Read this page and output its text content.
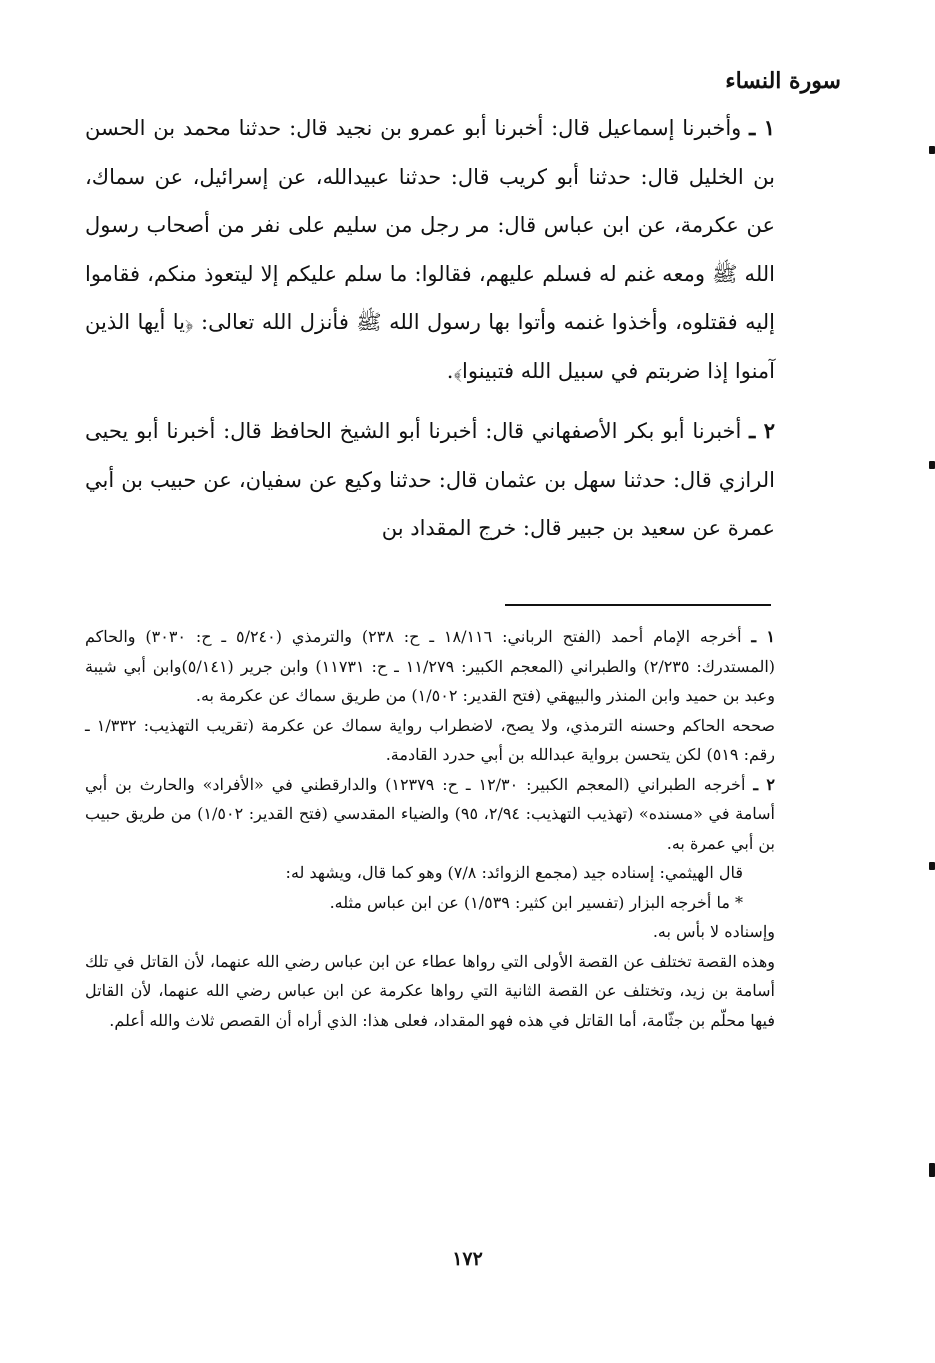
سورة النساء

١ ـ وأخبرنا إسماعيل قال: أخبرنا أبو عمرو بن نجيد قال: حدثنا محمد بن الحسن بن الخليل قال: حدثنا أبو كريب قال: حدثنا عبيدالله، عن إسرائيل، عن سماك، عن عكرمة، عن ابن عباس قال: مر رجل من سليم على نفر من أصحاب رسول الله ﷺ ومعه غنم له فسلم عليهم، فقالوا: ما سلم عليكم إلا ليتعوذ منكم، فقاموا إليه فقتلوه، وأخذوا غنمه وأتوا بها رسول الله ﷺ فأنزل الله تعالى: ﴿يا أيها الذين آمنوا إذا ضربتم في سبيل الله فتبينوا﴾.

٢ ـ أخبرنا أبو بكر الأصفهاني قال: أخبرنا أبو الشيخ الحافظ قال: أخبرنا أبو يحيى الرازي قال: حدثنا سهل بن عثمان قال: حدثنا وكيع عن سفيان، عن حبيب بن أبي عمرة عن سعيد بن جبير قال: خرج المقداد بن

١ ـ أخرجه الإمام أحمد (الفتح الرباني: ١٨/١١٦ ـ ح: ٢٣٨) والترمذي (٥/٢٤٠ ـ ح: ٣٠٣٠) والحاكم (المستدرك: ٢/٢٣٥) والطبراني (المعجم الكبير: ١١/٢٧٩ ـ ح: ١١٧٣١) وابن جرير (٥/١٤١)وابن أبي شيبة وعبد بن حميد وابن المنذر والبيهقي (فتح القدير: ١/٥٠٢) من طريق سماك عن عكرمة به.

صححه الحاكم وحسنه الترمذي، ولا يصح، لاضطراب رواية سماك عن عكرمة (تقريب التهذيب: ١/٣٣٢ ـ رقم: ٥١٩) لكن يتحسن برواية عبدالله بن أبي حدرد القادمة.

٢ ـ أخرجه الطبراني (المعجم الكبير: ١٢/٣٠ ـ ح: ١٢٣٧٩) والدارقطني في «الأفراد» والحارث بن أبي أسامة في «مسنده» (تهذيب التهذيب: ٢/٩٤، ٩٥) والضياء المقدسي (فتح القدير: ١/٥٠٢) من طريق حبيب بن أبي عمرة به.

قال الهيثمي: إسناده جيد (مجمع الزوائد: ٧/٨) وهو كما قال، ويشهد له:

* ما أخرجه البزار (تفسير ابن كثير: ١/٥٣٩) عن ابن عباس مثله.

وإسناده لا بأس به.

وهذه القصة تختلف عن القصة الأولى التي رواها عطاء عن ابن عباس رضي الله عنهما، لأن القاتل في تلك أسامة بن زيد، وتختلف عن القصة الثانية التي رواها عكرمة عن ابن عباس رضي الله عنهما، لأن القاتل فيها محلّم بن جثّامة، أما القاتل في هذه فهو المقداد، فعلى هذا: الذي أراه أن القصص ثلاث والله أعلم.

١٧٢
